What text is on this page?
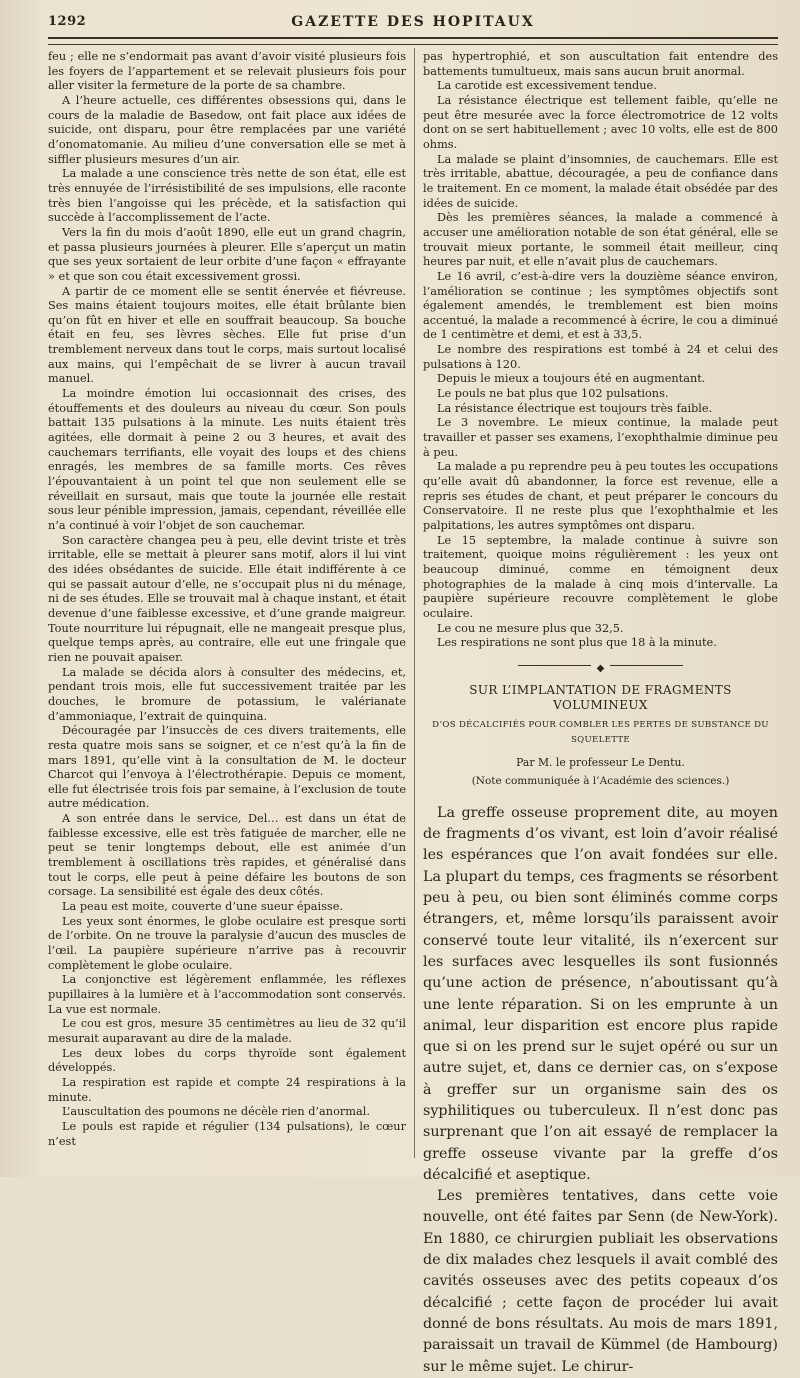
1292	GAZETTE DES HOPITAUX

feu ; elle ne s’endormait pas avant d’avoir visité plusieurs fois les foyers de l’appartement et se relevait plusieurs fois pour aller visiter la fermeture de la porte de sa chambre.

A l’heure actuelle, ces différentes obsessions qui, dans le cours de la maladie de Basedow, ont fait place aux idées de suicide, ont disparu, pour être remplacées par une variété d’onomatomanie. Au milieu d’une conversation elle se met à siffler plusieurs mesures d’un air.

La malade a une conscience très nette de son état, elle est très ennuyée de l’irrésistibilité de ses impulsions, elle raconte très bien l’angoisse qui les précède, et la satisfaction qui succède à l’accomplissement de l’acte.

Vers la fin du mois d’août 1890, elle eut un grand chagrin, et passa plusieurs journées à pleurer. Elle s’aperçut un matin que ses yeux sortaient de leur orbite d’une façon « effrayante » et que son cou était excessivement grossi.

A partir de ce moment elle se sentit énervée et fiévreuse. Ses mains étaient toujours moites, elle était brûlante bien qu’on fût en hiver et elle en souffrait beaucoup. Sa bouche était en feu, ses lèvres sèches. Elle fut prise d’un tremblement nerveux dans tout le corps, mais surtout localisé aux mains, qui l’empêchait de se livrer à aucun travail manuel.

La moindre émotion lui occasionnait des crises, des étouffements et des douleurs au niveau du cœur. Son pouls battait 135 pulsations à la minute. Les nuits étaient très agitées, elle dormait à peine 2 ou 3 heures, et avait des cauchemars terrifiants, elle voyait des loups et des chiens enragés, les membres de sa famille morts. Ces rêves l’épouvantaient à un point tel que non seulement elle se réveillait en sursaut, mais que toute la journée elle restait sous leur pénible impression, jamais, cependant, réveillée elle n’a continué à voir l’objet de son cauchemar.

Son caractère changea peu à peu, elle devint triste et très irritable, elle se mettait à pleurer sans motif, alors il lui vint des idées obsédantes de suicide. Elle était indifférente à ce qui se passait autour d’elle, ne s’occupait plus ni du ménage, ni de ses études. Elle se trouvait mal à chaque instant, et était devenue d’une faiblesse excessive, et d’une grande maigreur. Toute nourriture lui répugnait, elle ne mangeait presque plus, quelque temps après, au contraire, elle eut une fringale que rien ne pouvait apaiser.

La malade se décida alors à consulter des médecins, et, pendant trois mois, elle fut successivement traitée par les douches, le bromure de potassium, le valérianate d’ammoniaque, l’extrait de quinquina.

Découragée par l’insuccès de ces divers traitements, elle resta quatre mois sans se soigner, et ce n’est qu’à la fin de mars 1891, qu’elle vint à la consultation de M. le docteur Charcot qui l’envoya à l’électrothérapie. Depuis ce moment, elle fut électrisée trois fois par semaine, à l’exclusion de toute autre médication.

A son entrée dans le service, Del… est dans un état de faiblesse excessive, elle est très fatiguée de marcher, elle ne peut se tenir longtemps debout, elle est animée d’un tremblement à oscillations très rapides, et généralisé dans tout le corps, elle peut à peine défaire les boutons de son corsage. La sensibilité est égale des deux côtés.

La peau est moite, couverte d’une sueur épaisse.

Les yeux sont énormes, le globe oculaire est presque sorti de l’orbite. On ne trouve la paralysie d’aucun des muscles de l’œil. La paupière supérieure n’arrive pas à recouvrir complètement le globe oculaire.

La conjonctive est légèrement enflammée, les réflexes pupillaires à la lumière et à l’accommodation sont conservés. La vue est normale.

Le cou est gros, mesure 35 centimètres au lieu de 32 qu’il mesurait auparavant au dire de la malade.

Les deux lobes du corps thyroïde sont également développés.

La respiration est rapide et compte 24 respirations à la minute.

L’auscultation des poumons ne décèle rien d’anormal.

Le pouls est rapide et régulier (134 pulsations), le cœur n’est

pas hypertrophié, et son auscultation fait entendre des battements tumultueux, mais sans aucun bruit anormal.

La carotide est excessivement tendue.

La résistance électrique est tellement faible, qu’elle ne peut être mesurée avec la force électromotrice de 12 volts dont on se sert habituellement ; avec 10 volts, elle est de 800 ohms.

La malade se plaint d’insomnies, de cauchemars. Elle est très irritable, abattue, découragée, a peu de confiance dans le traitement. En ce moment, la malade était obsédée par des idées de suicide.

Dès les premières séances, la malade a commencé à accuser une amélioration notable de son état général, elle se trouvait mieux portante, le sommeil était meilleur, cinq heures par nuit, et elle n’avait plus de cauchemars.

Le 16 avril, c’est-à-dire vers la douzième séance environ, l’amélioration se continue ; les symptômes objectifs sont également amendés, le tremblement est bien moins accentué, la malade a recommencé à écrire, le cou a diminué de 1 centimètre et demi, et est à 33,5.

Le nombre des respirations est tombé à 24 et celui des pulsations à 120.

Depuis le mieux a toujours été en augmentant.

Le pouls ne bat plus que 102 pulsations.

La résistance électrique est toujours très faible.

Le 3 novembre. Le mieux continue, la malade peut travailler et passer ses examens, l’exophthalmie diminue peu à peu.

La malade a pu reprendre peu à peu toutes les occupations qu’elle avait dû abandonner, la force est revenue, elle a repris ses études de chant, et peut préparer le concours du Conservatoire. Il ne reste plus que l’exophthalmie et les palpitations, les autres symptômes ont disparu.

Le 15 septembre, la malade continue à suivre son traitement, quoique moins régulièrement : les yeux ont beaucoup diminué, comme en témoignent deux photographies de la malade à cinq mois d’intervalle. La paupière supérieure recouvre complètement le globe oculaire.

Le cou ne mesure plus que 32,5.

Les respirations ne sont plus que 18 à la minute.

◆
SUR L’IMPLANTATION DE FRAGMENTS VOLUMINEUX
D’OS DÉCALCIFIÉS POUR COMBLER LES PERTES DE SUBSTANCE DU SQUELETTE
Par M. le professeur Le Dentu.
(Note communiquée à l’Académie des sciences.)

La greffe osseuse proprement dite, au moyen de fragments d’os vivant, est loin d’avoir réalisé les espérances que l’on avait fondées sur elle. La plupart du temps, ces fragments se résorbent peu à peu, ou bien sont éliminés comme corps étrangers, et, même lorsqu’ils paraissent avoir conservé toute leur vitalité, ils n’exercent sur les surfaces avec lesquelles ils sont fusionnés qu’une action de présence, n’aboutissant qu’à une lente réparation. Si on les emprunte à un animal, leur disparition est encore plus rapide que si on les prend sur le sujet opéré ou sur un autre sujet, et, dans ce dernier cas, on s’expose à greffer sur un organisme sain des os syphilitiques ou tuberculeux. Il n’est donc pas surprenant que l’on ait essayé de remplacer la greffe osseuse vivante par la greffe d’os décalcifié et aseptique.

Les premières tentatives, dans cette voie nouvelle, ont été faites par Senn (de New-York). En 1880, ce chirurgien publiait les observations de dix malades chez lesquels il avait comblé des cavités osseuses avec des petits copeaux d’os décalcifié ; cette façon de procéder lui avait donné de bons résultats. Au mois de mars 1891, paraissait un travail de Kümmel (de Hambourg) sur le même sujet. Le chirur-
